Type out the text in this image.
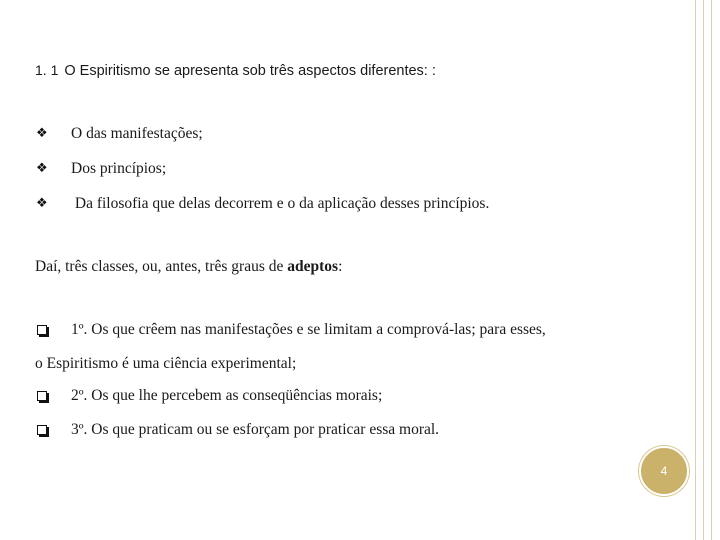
1. 1 O Espiritismo se apresenta sob três aspectos diferentes: :
❖ O das manifestações;
❖ Dos princípios;
❖ Da filosofia que delas decorrem e o da aplicação desses princípios.
Daí, três classes, ou, antes, três graus de adeptos:
1º. Os que crêem nas manifestações e se limitam a comprová-las; para esses,
o Espiritismo é uma ciência experimental;
2º. Os que lhe percebem as conseqüências morais;
3º. Os que praticam ou se esforçam por praticar essa moral.
4
